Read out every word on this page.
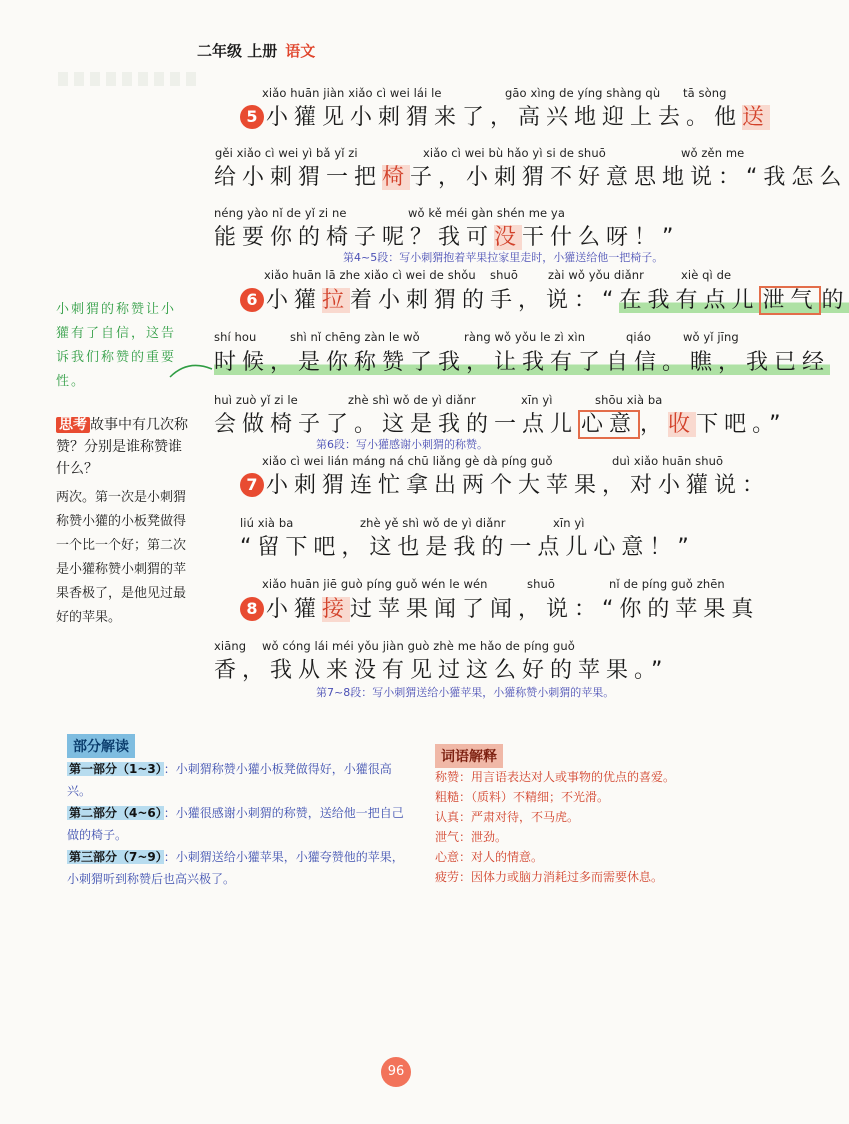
二年级 上册 语文
xiǎo huān jiàn xiǎo cì wei lái le	gāo xìng de yíng shàng qù tā sòng
5 小獾见小刺猬来了，高兴地迎上去。他送
gěi xiǎo cì wei yì bǎ yǐ zi	xiǎo cì wei bù hǎo yì si de shuō	wǒ zěn me
给小刺猬一把椅子，小刺猬不好意思地说：“我怎么
néng yào nǐ de yǐ zi ne	wǒ kě méi gàn shén me ya
能要你的椅子呢？我可没干什么呀！”
第4~5段：写小刺猬抱着苹果拉家里走时，小獾送给他一把椅子。
xiǎo huān lā zhe xiǎo cì wei de shǒu shuō	zài wǒ yǒu diǎnr	xiè qì de
6 小獾拉着小刺猬的手，说：“在我有点儿 泄气 的
shí hou	shì nǐ chēng zàn le wǒ	ràng wǒ yǒu le zì xìn	qiáo	wǒ yǐ jīng
时候，是你称赞了我，让我有了自信。瞧，我已经
huì zuò yǐ zi le	zhè shì wǒ de yì diǎnr	xīn yì	shōu xià ba
会做椅子了。这是我的一点儿 心意 ，收下吧。”
第6段：写小獾感谢小刺猬的称赞。
xiǎo cì wei lián máng ná chū liǎng gè dà píng guǒ	duì xiǎo huān shuō
7 小刺猬连忙拿出两个大苹果，对小獾说：
liú xià ba	zhè yě shì wǒ de yì diǎnr	xīn yì
“留下吧，这也是我的一点儿心意！”
xiǎo huān jiē guò píng guǒ wén le wén	shuō	nǐ de píng guǒ zhēn
8 小獾接过苹果闻了闻，说：“你的苹果真
xiāng wǒ cóng lái méi yǒu jiàn guò zhè me hǎo de píng guǒ
香，我从来没有见过这么好的苹果。”
第7~8段：写小刺猬送给小獾苹果，小獾称赞小刺猬的苹果。
小刺猬的称赞让小獾有了自信，这告诉我们称赞的重要性。
思考 故事中有几次称赞？分别是谁称赞谁什么？
两次。第一次是小刺猬称赞小獾的小板凳做得一个比一个好；第二次是小獾称赞小刺猬的苹果香极了，是他见过最好的苹果。
部分解读
第一部分（1~3） ：小刺猬称赞小獾小板凳做得好，小獾很高兴。
第二部分（4~6） ：小獾很感谢小刺猬的称赞，送给他一把自己做的椅子。
第三部分（7~9） ：小刺猬送给小獾苹果，小獾夸赞他的苹果，小刺猬听到称赞后也高兴极了。
词语解释
称赞：用言语表达对人或事物的优点的喜爱。
粗糙：（质料）不精细；不光滑。
认真：严肃对待，不马虎。
泄气：泄劲。
心意：对人的情意。
疲劳：因体力或脑力消耗过多而需要休息。
96
